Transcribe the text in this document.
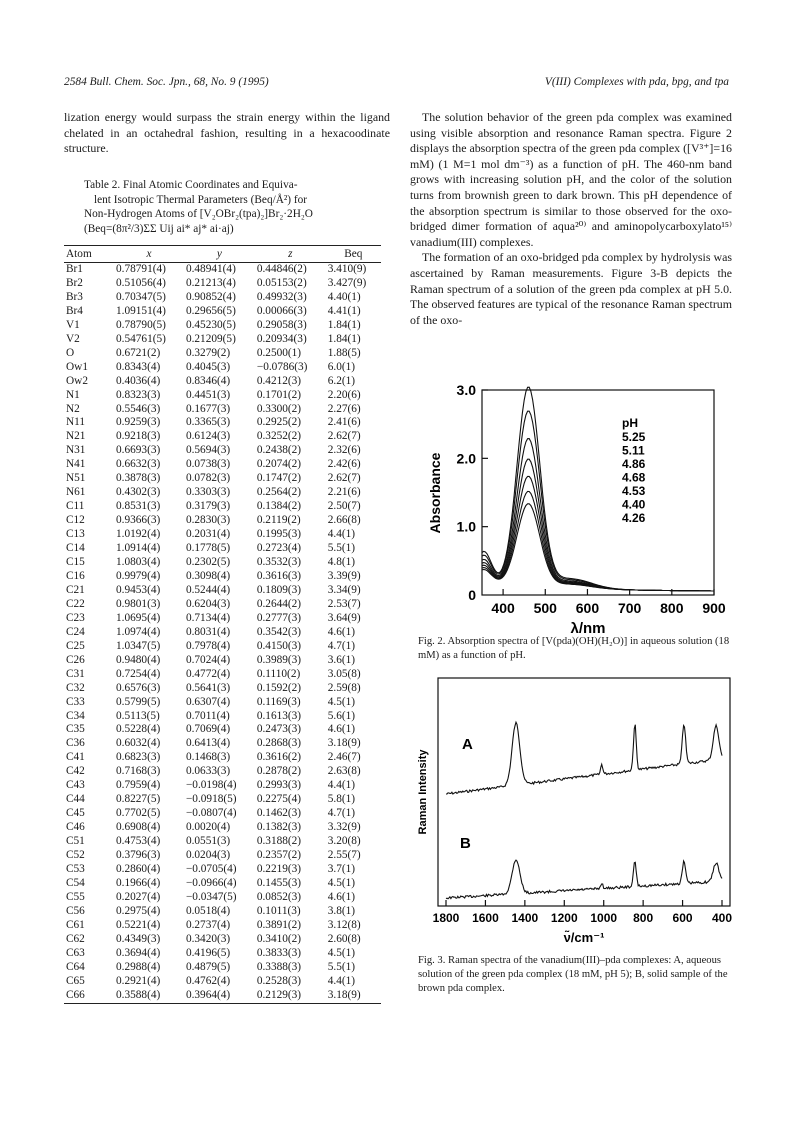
2584 Bull. Chem. Soc. Jpn., 68, No. 9 (1995)	V(III) Complexes with pda, bpg, and tpa

lization energy would surpass the strain energy within the ligand chelated in an octahedral fashion, resulting in a hexacoodinate structure.

Table 2. Final Atomic Coordinates and Equiva-
lent Isotropic Thermal Parameters (Beq/Å²) for
Non-Hydrogen Atoms of [V₂OBr₂(tpa)₂]Br₂·2H₂O
(Beq=(8π²/3)ΣΣ Uij ai* aj* ai·aj)
Atom	x	y	z	Beq
Br1	0.78791(4)	0.48941(4)	0.44846(2)	3.410(9)
Br2	0.51056(4)	0.21213(4)	0.05153(2)	3.427(9)
Br3	0.70347(5)	0.90852(4)	0.49932(3)	4.40(1)
Br4	1.09151(4)	0.29656(5)	0.00066(3)	4.41(1)
V1	0.78790(5)	0.45230(5)	0.29058(3)	1.84(1)
V2	0.54761(5)	0.21209(5)	0.20934(3)	1.84(1)
O	0.6721(2)	0.3279(2)	0.2500(1)	1.88(5)
Ow1	0.8343(4)	0.4045(3)	−0.0786(3)	6.0(1)
Ow2	0.4036(4)	0.8346(4)	0.4212(3)	6.2(1)
N1	0.8323(3)	0.4451(3)	0.1701(2)	2.20(6)
N2	0.5546(3)	0.1677(3)	0.3300(2)	2.27(6)
N11	0.9259(3)	0.3365(3)	0.2925(2)	2.41(6)
N21	0.9218(3)	0.6124(3)	0.3252(2)	2.62(7)
N31	0.6693(3)	0.5694(3)	0.2438(2)	2.32(6)
N41	0.6632(3)	0.0738(3)	0.2074(2)	2.42(6)
N51	0.3878(3)	0.0782(3)	0.1747(2)	2.62(7)
N61	0.4302(3)	0.3303(3)	0.2564(2)	2.21(6)
C11	0.8531(3)	0.3179(3)	0.1384(2)	2.50(7)
C12	0.9366(3)	0.2830(3)	0.2119(2)	2.66(8)
C13	1.0192(4)	0.2031(4)	0.1995(3)	4.4(1)
C14	1.0914(4)	0.1778(5)	0.2723(4)	5.5(1)
C15	1.0803(4)	0.2302(5)	0.3532(3)	4.8(1)
C16	0.9979(4)	0.3098(4)	0.3616(3)	3.39(9)
C21	0.9453(4)	0.5244(4)	0.1809(3)	3.34(9)
C22	0.9801(3)	0.6204(3)	0.2644(2)	2.53(7)
C23	1.0695(4)	0.7134(4)	0.2777(3)	3.64(9)
C24	1.0974(4)	0.8031(4)	0.3542(3)	4.6(1)
C25	1.0347(5)	0.7978(4)	0.4150(3)	4.7(1)
C26	0.9480(4)	0.7024(4)	0.3989(3)	3.6(1)
C31	0.7254(4)	0.4772(4)	0.1110(2)	3.05(8)
C32	0.6576(3)	0.5641(3)	0.1592(2)	2.59(8)
C33	0.5799(5)	0.6307(4)	0.1169(3)	4.5(1)
C34	0.5113(5)	0.7011(4)	0.1613(3)	5.6(1)
C35	0.5228(4)	0.7069(4)	0.2473(3)	4.6(1)
C36	0.6032(4)	0.6413(4)	0.2868(3)	3.18(9)
C41	0.6823(3)	0.1468(3)	0.3616(2)	2.46(7)
C42	0.7168(3)	0.0633(3)	0.2878(2)	2.63(8)
C43	0.7959(4)	−0.0198(4)	0.2993(3)	4.4(1)
C44	0.8227(5)	−0.0918(5)	0.2275(4)	5.8(1)
C45	0.7702(5)	−0.0807(4)	0.1462(3)	4.7(1)
C46	0.6908(4)	0.0020(4)	0.1382(3)	3.32(9)
C51	0.4753(4)	0.0551(3)	0.3188(2)	3.20(8)
C52	0.3796(3)	0.0204(3)	0.2357(2)	2.55(7)
C53	0.2860(4)	−0.0705(4)	0.2219(3)	3.7(1)
C54	0.1966(4)	−0.0966(4)	0.1455(3)	4.5(1)
C55	0.2027(4)	−0.0347(5)	0.0852(3)	4.6(1)
C56	0.2975(4)	0.0518(4)	0.1011(3)	3.8(1)
C61	0.5221(4)	0.2737(4)	0.3891(2)	3.12(8)
C62	0.4349(3)	0.3420(3)	0.3410(2)	2.60(8)
C63	0.3694(4)	0.4196(5)	0.3833(3)	4.5(1)
C64	0.2988(4)	0.4879(5)	0.3388(3)	5.5(1)
C65	0.2921(4)	0.4762(4)	0.2528(3)	4.4(1)
C66	0.3588(4)	0.3964(4)	0.2129(3)	3.18(9)

The solution behavior of the green pda complex was examined using visible absorption and resonance Raman spectra. Figure 2 displays the absorption spectra of the green pda complex ([V³⁺]=16 mM) (1 M=1 mol dm⁻³) as a function of pH. The 460-nm band grows with increasing solution pH, and the color of the solution turns from brownish green to dark brown. This pH dependence of the absorption spectrum is similar to those observed for the oxo-bridged dimer formation of aqua²⁰⁾ and aminopolycarboxylato¹⁵⁾ vanadium(III) complexes.

The formation of an oxo-bridged pda complex by hydrolysis was ascertained by Raman measurements. Figure 3-B depicts the Raman spectrum of a solution of the green pda complex at pH 5.0. The observed features are typical of the resonance Raman spectrum of the oxo-

3.0
2.0
1.0
0
400 500 600 700 800 900
pH
5.25
5.11
4.86
4.68
4.53
4.40
4.26
Absorbance
λ/nm
Fig. 2. Absorption spectra of [V(pda)(OH)(H₂O)] in aqueous solution (18 mM) as a function of pH.
A
B
1800 1600 1400 1200 1000 800 600 400
Raman Intensity
ν̃/cm⁻¹
Fig. 3. Raman spectra of the vanadium(III)–pda complexes: A, aqueous solution of the green pda complex (18 mM, pH 5); B, solid sample of the brown pda complex.
